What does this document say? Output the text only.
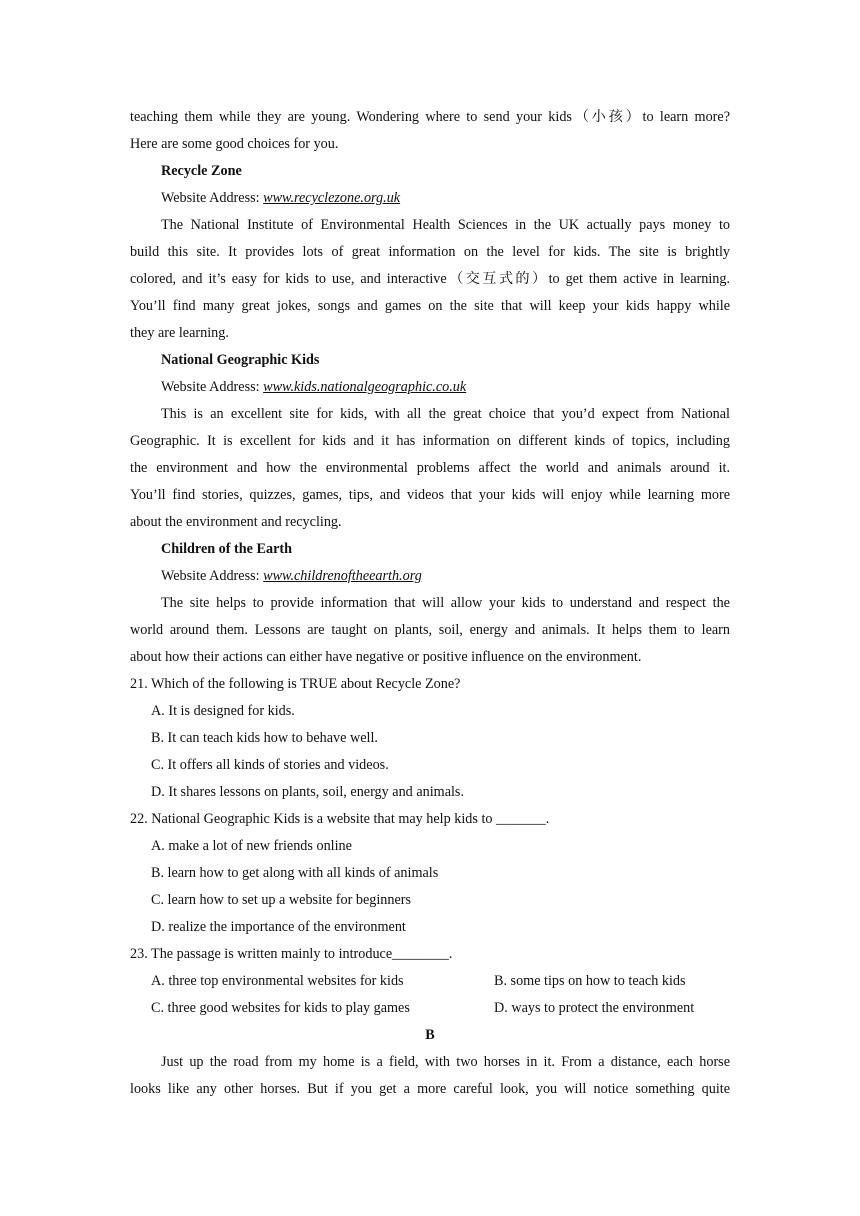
teaching them while they are young. Wondering where to send your kids（小孩）to learn more?

Here are some good choices for you.

Recycle Zone

Website Address: www.recyclezone.org.uk

The National Institute of Environmental Health Sciences in the UK actually pays money to

build this site. It provides lots of great information on the level for kids. The site is brightly

colored, and it’s easy for kids to use, and interactive（交互式的）to get them active in learning.

You’ll find many great jokes, songs and games on the site that will keep your kids happy while

they are learning.

National Geographic Kids

Website Address: www.kids.nationalgeographic.co.uk

This is an excellent site for kids, with all the great choice that you’d expect from National

Geographic. It is excellent for kids and it has information on different kinds of topics, including

the environment and how the environmental problems affect the world and animals around it.

You’ll find stories, quizzes, games, tips, and videos that your kids will enjoy while learning more

about the environment and recycling.

Children of the Earth

Website Address: www.childrenoftheearth.org

The site helps to provide information that will allow your kids to understand and respect the

world around them. Lessons are taught on plants, soil, energy and animals. It helps them to learn

about how their actions can either have negative or positive influence on the environment.

21. Which of the following is TRUE about Recycle Zone?

A. It is designed for kids.

B. It can teach kids how to behave well.

C. It offers all kinds of stories and videos.

D. It shares lessons on plants, soil, energy and animals.

22. National Geographic Kids is a website that may help kids to _______.

A. make a lot of new friends online

B. learn how to get along with all kinds of animals

C. learn how to set up a website for beginners

D. realize the importance of the environment

23. The passage is written mainly to introduce________.

A. three top environmental websites for kids	B. some tips on how to teach kids
C. three good websites for kids to play games	D. ways to protect the environment

B

Just up the road from my home is a field, with two horses in it. From a distance, each horse

looks like any other horses. But if you get a more careful look, you will notice something quite
